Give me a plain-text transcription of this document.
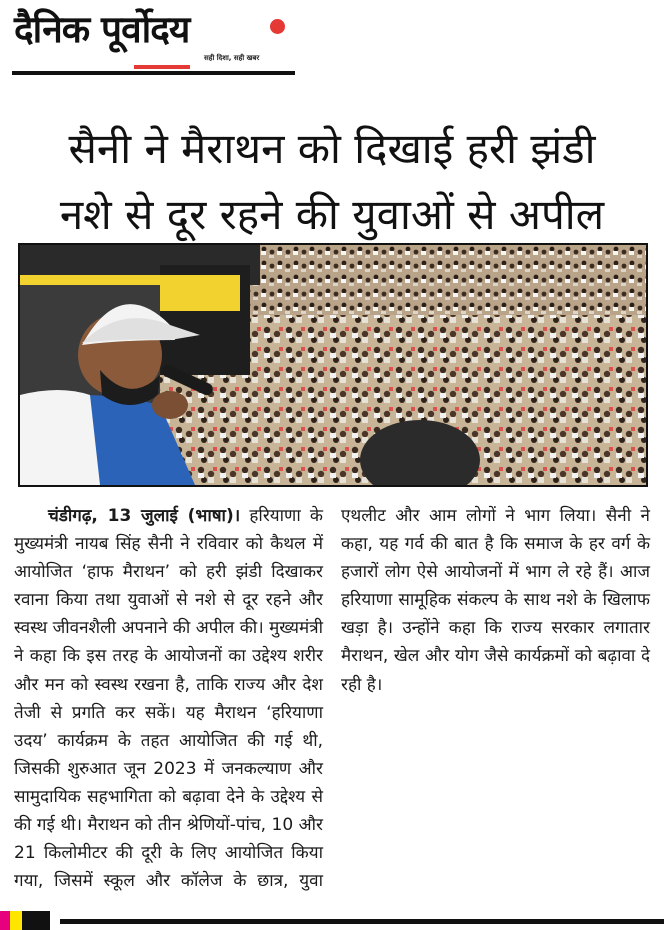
दैनिक पूर्वोदय
सही दिशा, सही खबर
सैनी ने मैराथन को दिखाई हरी झंडी
नशे से दूर रहने की युवाओं से अपील

चंडीगढ़, 13 जुलाई (भाषा)। हरियाणा के मुख्यमंत्री नायब सिंह सैनी ने रविवार को कैथल में आयोजित ‘हाफ मैराथन’ को हरी झंडी दिखाकर रवाना किया तथा युवाओं से नशे से दूर रहने और स्वस्थ जीवनशैली अपनाने की अपील की। मुख्यमंत्री ने कहा कि इस तरह के आयोजनों का उद्देश्य शरीर और मन को स्वस्थ रखना है, ताकि राज्य और देश तेजी से प्रगति कर सकें। यह मैराथन ‘हरियाणा उदय’ कार्यक्रम के तहत आयोजित की गई थी, जिसकी शुरुआत जून 2023 में जनकल्याण और सामुदायिक सहभागिता को बढ़ावा देने के उद्देश्य से की गई थी। मैराथन को तीन श्रेणियों-पांच, 10 और 21 किलोमीटर की दूरी के लिए आयोजित किया गया, जिसमें स्कूल और कॉलेज के छात्र, युवा एथलीट और आम लोगों ने भाग लिया। सैनी ने कहा, यह गर्व की बात है कि समाज के हर वर्ग के हजारों लोग ऐसे आयोजनों में भाग ले रहे हैं। आज हरियाणा सामूहिक संकल्प के साथ नशे के खिलाफ खड़ा है। उन्होंने कहा कि राज्य सरकार लगातार मैराथन, खेल और योग जैसे कार्यक्रमों को बढ़ावा दे रही है।
